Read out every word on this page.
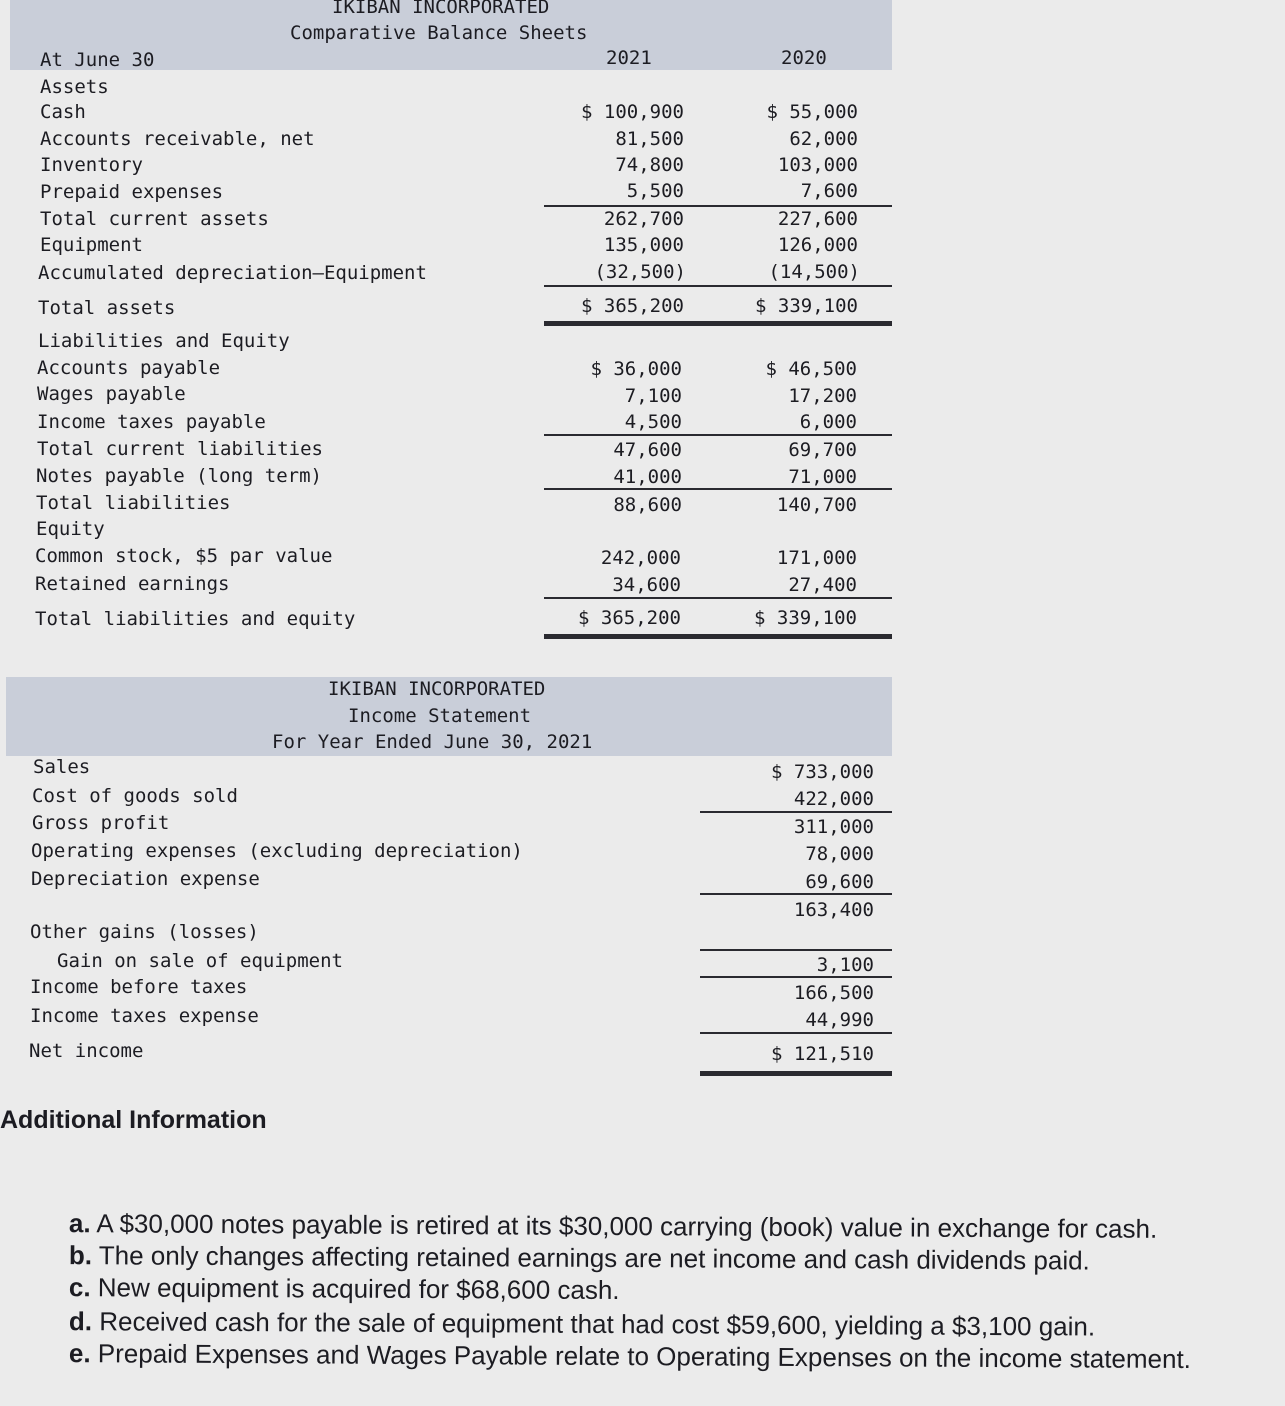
IKIBAN INCORPORATED
Comparative Balance Sheets
At June 30	2021	2020
Assets
Cash
Accounts receivable, net
Inventory
Prepaid expenses
Total current assets
Equipment
Accumulated depreciation—Equipment
Total assets
Liabilities and Equity
Accounts payable
Wages payable
Income taxes payable
Total current liabilities
Notes payable (long term)
Total liabilities
Equity
Common stock, $5 par value
Retained earnings
Total liabilities and equity
$ 100,900
81,500
74,800
5,500
262,700
135,000
(32,500)
$ 365,200
$ 36,000
7,100
4,500
47,600
41,000
88,600
242,000
34,600
$ 365,200
$ 55,000
62,000
103,000
7,600
227,600
126,000
(14,500)
$ 339,100
$ 46,500
17,200
6,000
69,700
71,000
140,700
171,000
27,400
$ 339,100
IKIBAN INCORPORATED
Income Statement
For Year Ended June 30, 2021
Sales
Cost of goods sold
Gross profit
Operating expenses (excluding depreciation)
Depreciation expense
Other gains (losses)
Gain on sale of equipment
Income before taxes
Income taxes expense
Net income
$ 733,000
422,000
311,000
78,000
69,600
163,400
3,100
166,500
44,990
$ 121,510
Additional Information

a. A $30,000 notes payable is retired at its $30,000 carrying (book) value in exchange for cash.

b. The only changes affecting retained earnings are net income and cash dividends paid.

c. New equipment is acquired for $68,600 cash.

d. Received cash for the sale of equipment that had cost $59,600, yielding a $3,100 gain.

e. Prepaid Expenses and Wages Payable relate to Operating Expenses on the income statement.
